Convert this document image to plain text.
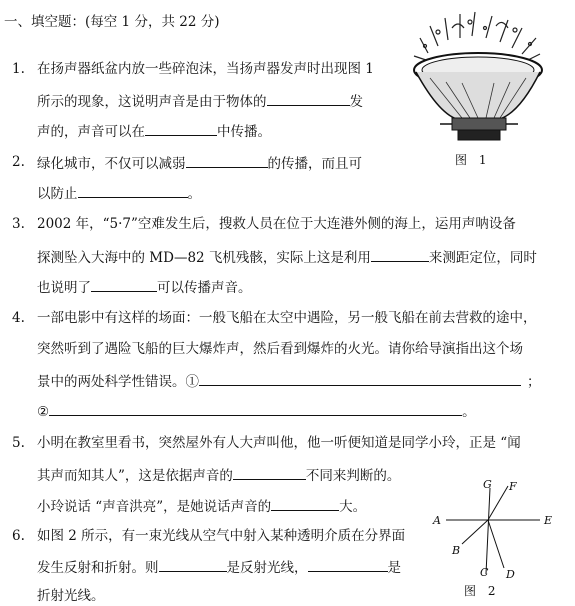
一、填空题：(每空 1 分，共 22 分)
1. 在扬声器纸盆内放一些碎泡沫，当扬声器发声时出现图 1
所示的现象，这说明声音是由于物体的	发
声的，声音可以在	中传播。
图 1
2. 绿化城市，不仅可以减弱	的传播，而且可
以防止	。
3. 2002 年，“5·7”空难发生后，搜救人员在位于大连港外侧的海上，运用声呐设备
探测坠入大海中的 MD—82 飞机残骸，实际上这是利用	来测距定位，同时
也说明了	可以传播声音。
4. 一部电影中有这样的场面：一般飞船在太空中遇险，另一般飞船在前去营救的途中，
突然听到了遇险飞船的巨大爆炸声，然后看到爆炸的火光。请你给导演指出这个场
景中的两处科学性错误。①	；
②	。
5. 小明在教室里看书，突然屋外有人大声叫他，他一听便知道是同学小玲，正是 “闻
其声而知其人”，这是依据声音的	不同来判断的。
小玲说话 “声音洪亮”，是她说话声音的	大。
6. 如图 2 所示，有一束光线从空气中射入某种透明介质在分界面
发生反射和折射。则	是反射光线，	是
折射光线。
G F
A	E
B
C D
图 2
